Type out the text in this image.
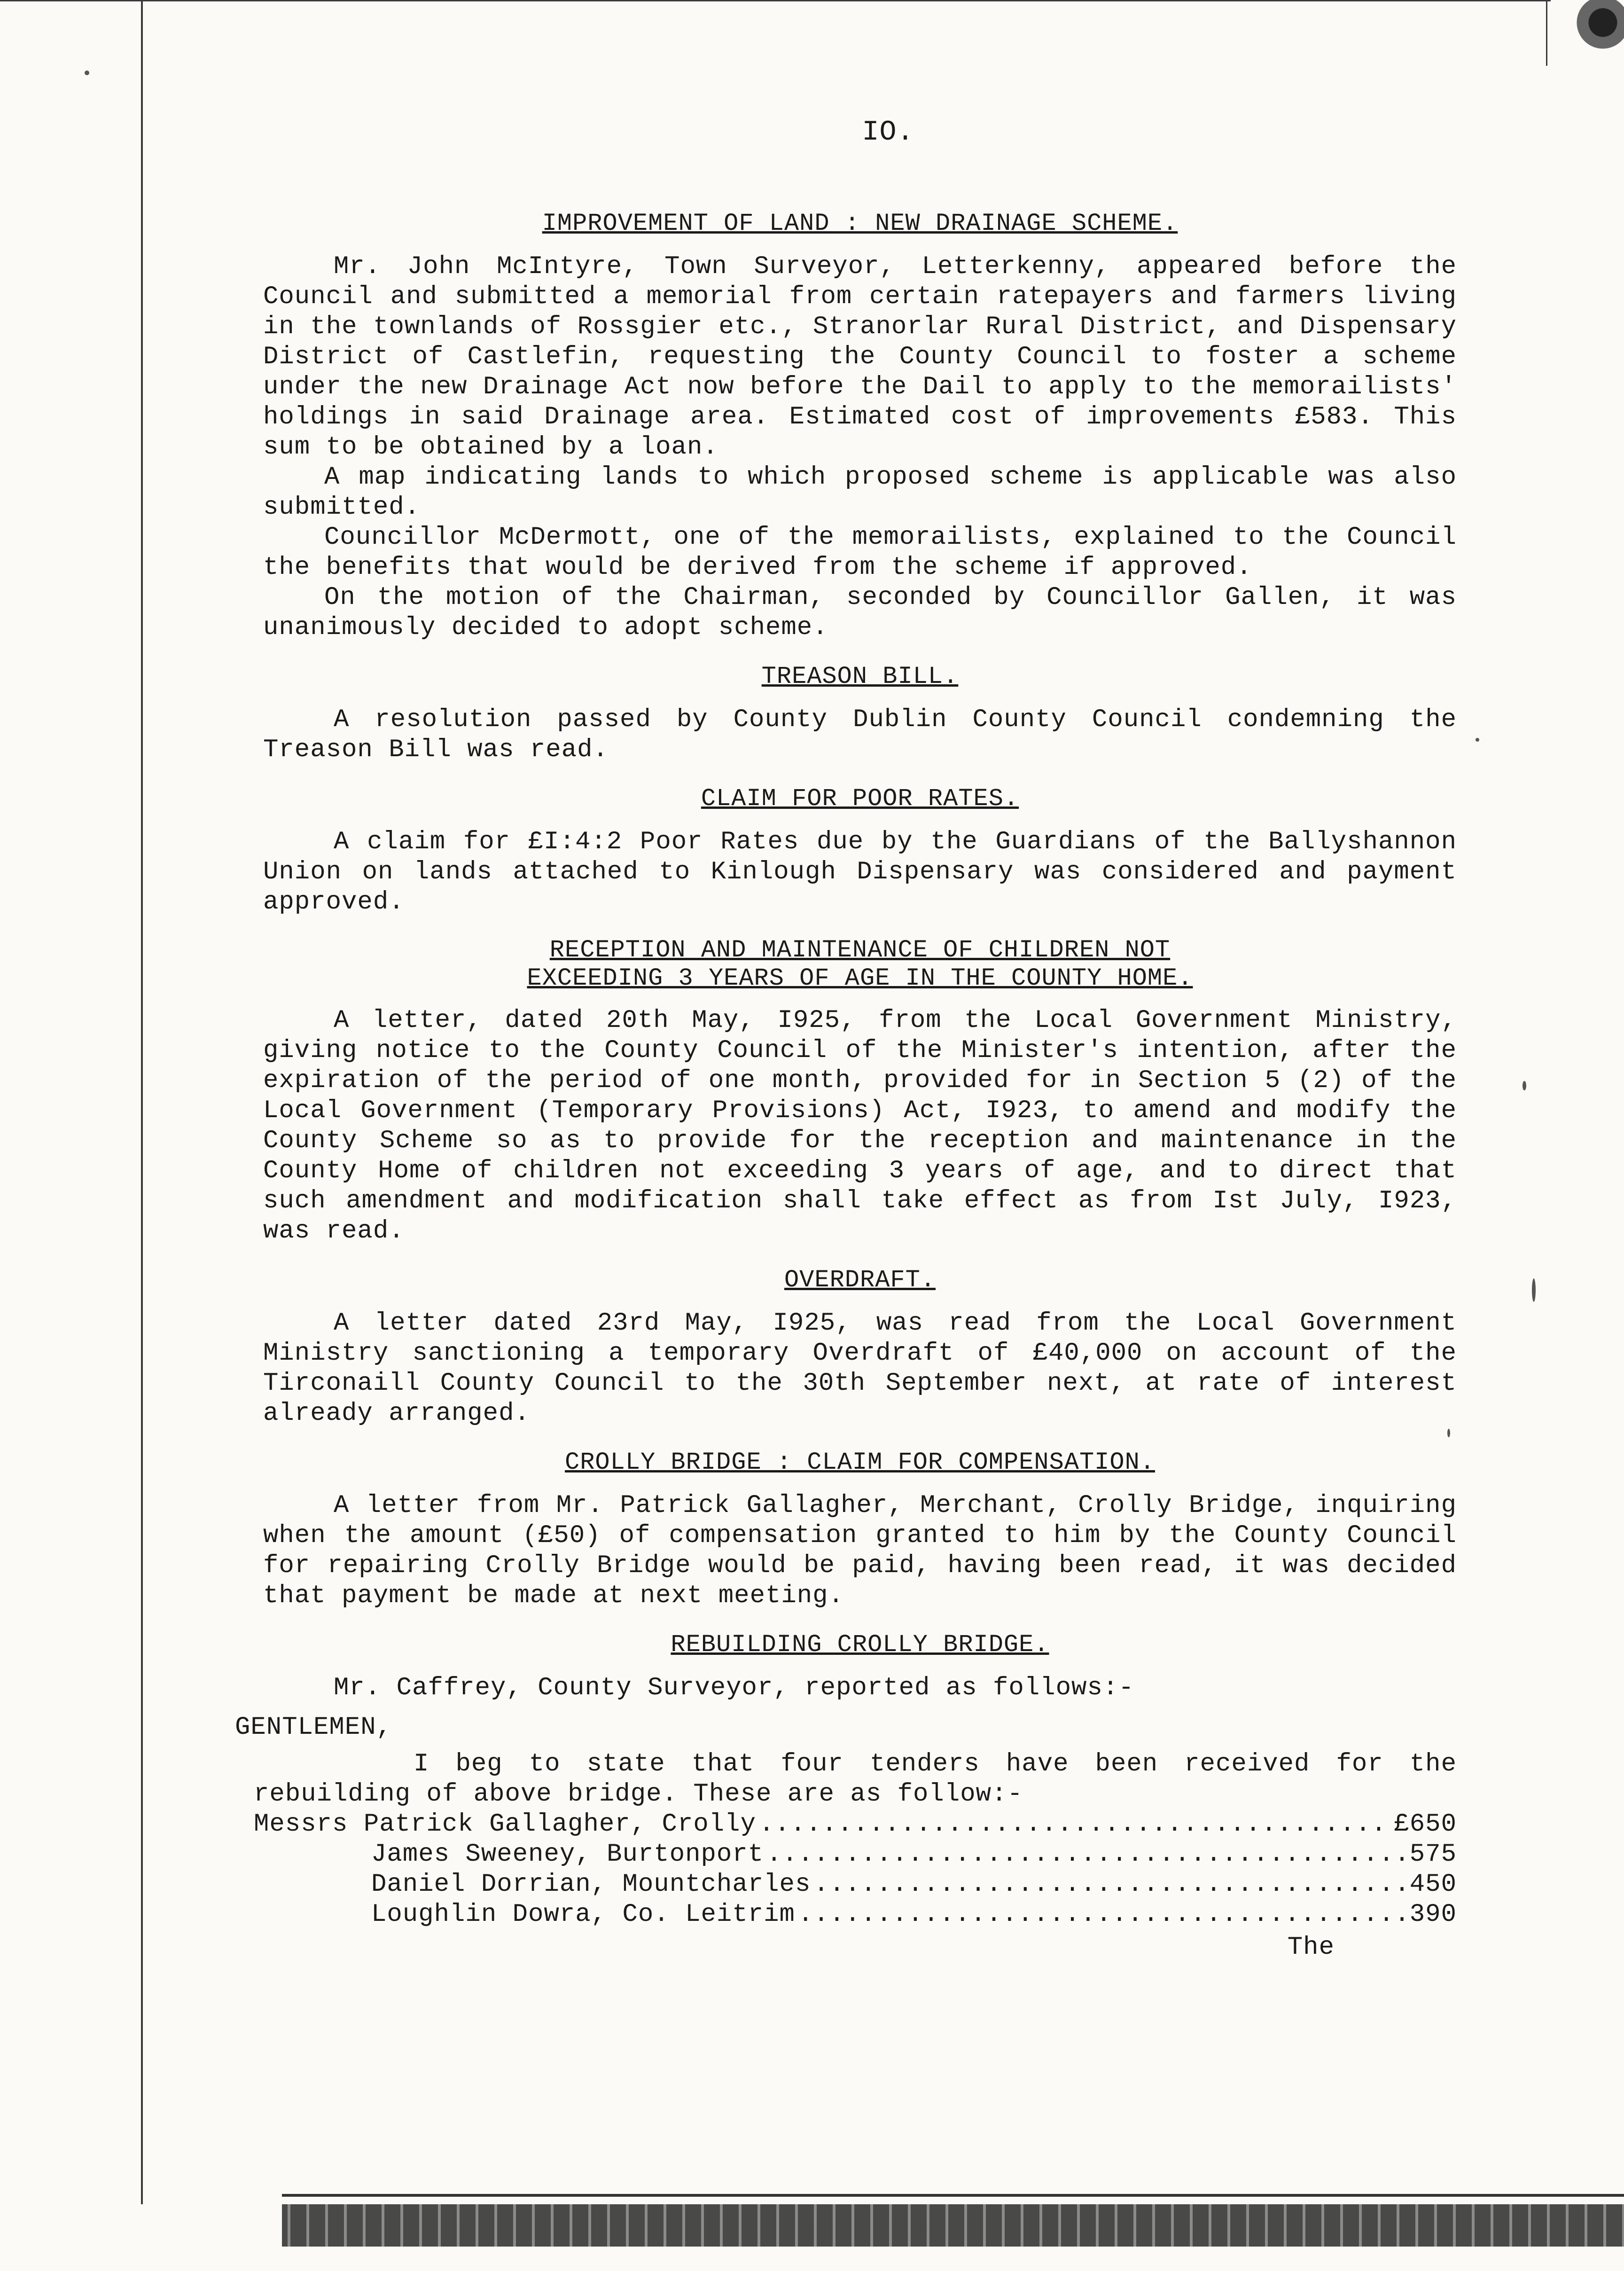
IO.
IMPROVEMENT OF LAND : NEW DRAINAGE SCHEME.

Mr. John McIntyre, Town Surveyor, Letterkenny, appeared before the Council and submitted a memorial from certain ratepayers and farmers living in the townlands of Rossgier etc., Stranorlar Rural District, and Dispensary District of Castlefin, requesting the County Council to foster a scheme under the new Drainage Act now before the Dail to apply to the memorailists' holdings in said Drainage area. Estimated cost of improvements £583. This sum to be obtained by a loan.

A map indicating lands to which proposed scheme is applicable was also submitted.

Councillor McDermott, one of the memorailists, explained to the Council the benefits that would be derived from the scheme if approved.

On the motion of the Chairman, seconded by Councillor Gallen, it was unanimously decided to adopt scheme.

TREASON BILL.

A resolution passed by County Dublin County Council condemning the Treason Bill was read.

CLAIM FOR POOR RATES.

A claim for £I:4:2 Poor Rates due by the Guardians of the Ballyshannon Union on lands attached to Kinlough Dispensary was considered and payment approved.

RECEPTION AND MAINTENANCE OF CHILDREN NOT
EXCEEDING 3 YEARS OF AGE IN THE COUNTY HOME.

A letter, dated 20th May, I925, from the Local Government Ministry, giving notice to the County Council of the Minister's intention, after the expiration of the period of one month, provided for in Section 5 (2) of the Local Government (Temporary Provisions) Act, I923, to amend and modify the County Scheme so as to provide for the reception and maintenance in the County Home of children not exceeding 3 years of age, and to direct that such amendment and modification shall take effect as from Ist July, I923, was read.

OVERDRAFT.

A letter dated 23rd May, I925, was read from the Local Government Ministry sanctioning a temporary Overdraft of £40,000 on account of the Tirconaill County Council to the 30th September next, at rate of interest already arranged.

CROLLY BRIDGE : CLAIM FOR COMPENSATION.

A letter from Mr. Patrick Gallagher, Merchant, Crolly Bridge, inquiring when the amount (£50) of compensation granted to him by the County Council for repairing Crolly Bridge would be paid, having been read, it was decided that payment be made at next meeting.

REBUILDING CROLLY BRIDGE.

Mr. Caffrey, County Surveyor, reported as follows:-

GENTLEMEN,

I beg to state that four tenders have been received for the rebuilding of above bridge. These are as follow:-

Messrs Patrick Gallagher, Crolly .....	£650
James Sweeney, Burtonport .....	575
Daniel Dorrian, Mountcharles .....	450
Loughlin Dowra, Co. Leitrim .....	390
The
